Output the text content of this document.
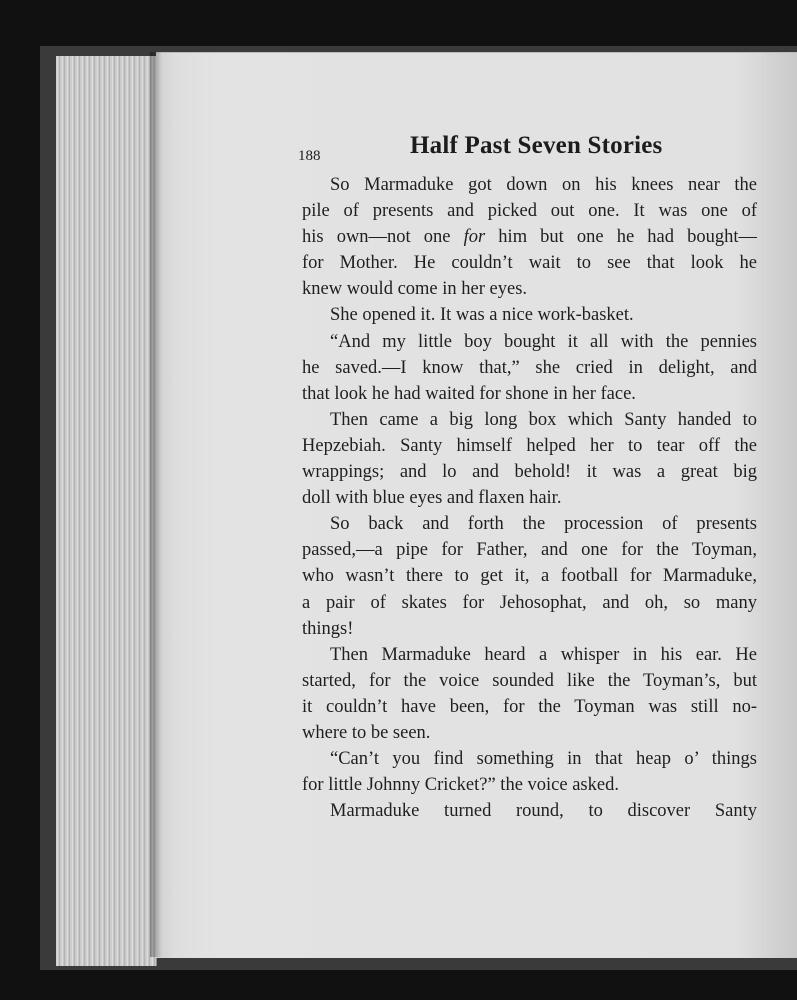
188	Half Past Seven Stories
So Marmaduke got down on his knees near the
pile of presents and picked out one. It was one of
his own—not one for him but one he had bought—
for Mother. He couldn’t wait to see that look he
knew would come in her eyes.
She opened it. It was a nice work-basket.
“And my little boy bought it all with the pennies
he saved.—I know that,” she cried in delight, and
that look he had waited for shone in her face.
Then came a big long box which Santy handed to
Hepzebiah. Santy himself helped her to tear off the
wrappings; and lo and behold! it was a great big
doll with blue eyes and flaxen hair.
So back and forth the procession of presents
passed,—a pipe for Father, and one for the Toyman,
who wasn’t there to get it, a football for Marmaduke,
a pair of skates for Jehosophat, and oh, so many
things!
Then Marmaduke heard a whisper in his ear. He
started, for the voice sounded like the Toyman’s, but
it couldn’t have been, for the Toyman was still no-
where to be seen.
“Can’t you find something in that heap o’ things
for little Johnny Cricket?” the voice asked.
Marmaduke turned round, to discover Santy
